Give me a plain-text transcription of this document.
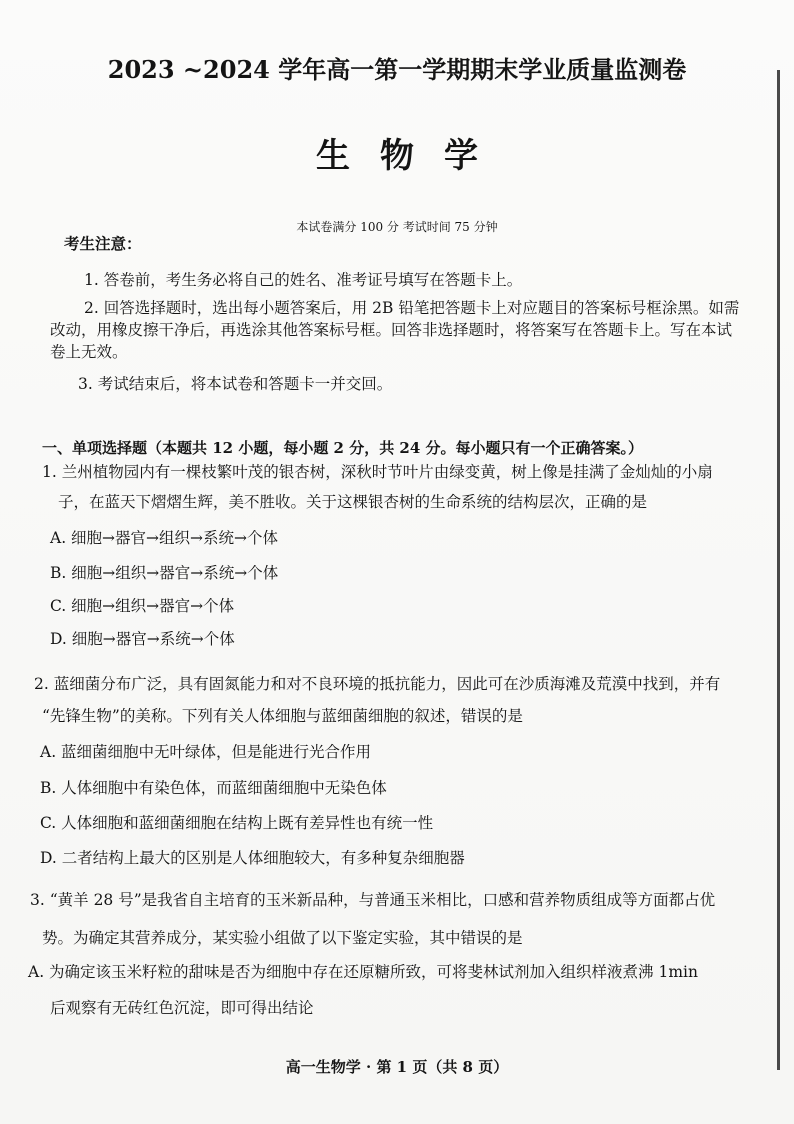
2023 ~2024 学年高一第一学期期末学业质量监测卷
生物学
本试卷满分 100 分 考试时间 75 分钟
考生注意：
1. 答卷前，考生务必将自己的姓名、准考证号填写在答题卡上。
2. 回答选择题时，选出每小题答案后，用 2B 铅笔把答题卡上对应题目的答案标号框涂黑。如需
改动，用橡皮擦干净后，再选涂其他答案标号框。回答非选择题时，将答案写在答题卡上。写在本试
卷上无效。
3. 考试结束后，将本试卷和答题卡一并交回。
一、单项选择题（本题共 12 小题，每小题 2 分，共 24 分。每小题只有一个正确答案。）
1. 兰州植物园内有一棵枝繁叶茂的银杏树，深秋时节叶片由绿变黄，树上像是挂满了金灿灿的小扇
子，在蓝天下熠熠生辉，美不胜收。关于这棵银杏树的生命系统的结构层次，正确的是
A. 细胞→器官→组织→系统→个体
B. 细胞→组织→器官→系统→个体
C. 细胞→组织→器官→个体
D. 细胞→器官→系统→个体
2. 蓝细菌分布广泛，具有固氮能力和对不良环境的抵抗能力，因此可在沙质海滩及荒漠中找到，并有
“先锋生物”的美称。下列有关人体细胞与蓝细菌细胞的叙述，错误的是
A. 蓝细菌细胞中无叶绿体，但是能进行光合作用
B. 人体细胞中有染色体，而蓝细菌细胞中无染色体
C. 人体细胞和蓝细菌细胞在结构上既有差异性也有统一性
D. 二者结构上最大的区别是人体细胞较大，有多种复杂细胞器
3. “黄羊 28 号”是我省自主培育的玉米新品种，与普通玉米相比，口感和营养物质组成等方面都占优
势。为确定其营养成分，某实验小组做了以下鉴定实验，其中错误的是
A. 为确定该玉米籽粒的甜味是否为细胞中存在还原糖所致，可将斐林试剂加入组织样液煮沸 1min
后观察有无砖红色沉淀，即可得出结论
高一生物学 · 第 1 页（共 8 页）
